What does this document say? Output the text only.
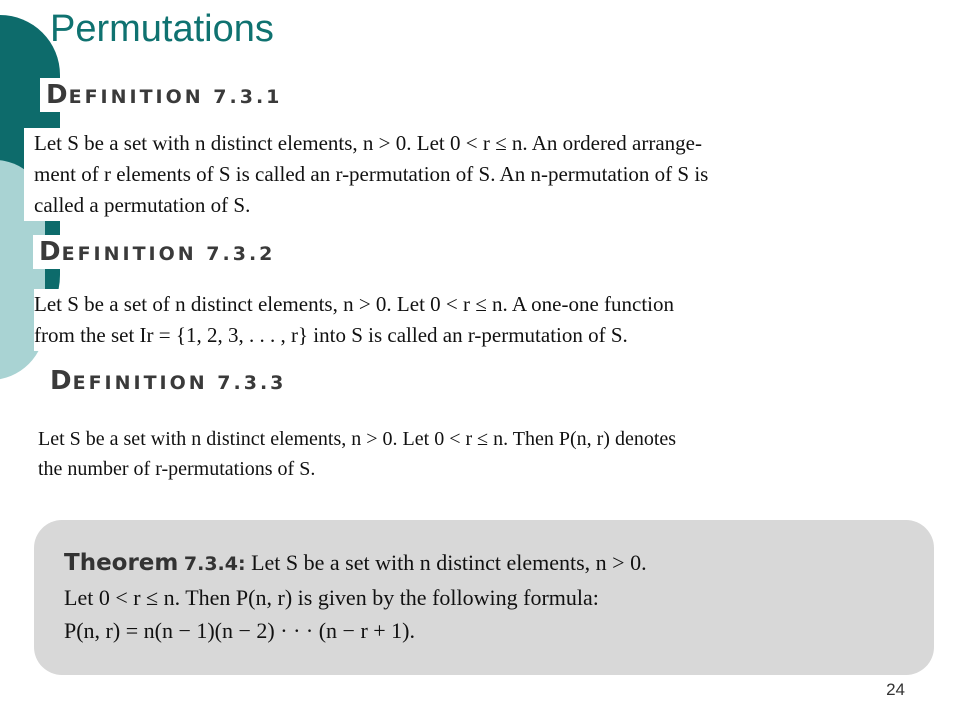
Permutations
DEFINITION 7.3.1

Let S be a set with n distinct elements, n > 0. Let 0 < r ≤ n. An ordered arrange-

ment of r elements of S is called an r-permutation of S. An n-permutation of S is

called a permutation of S.

DEFINITION 7.3.2

Let S be a set of n distinct elements, n > 0. Let 0 < r ≤ n. A one-one function

from the set Ir = {1, 2, 3, . . . , r} into S is called an r-permutation of S.

DEFINITION 7.3.3

Let S be a set with n distinct elements, n > 0. Let 0 < r ≤ n. Then P(n, r) denotes

the number of r-permutations of S.

Theorem 7.3.4: Let S be a set with n distinct elements, n > 0.

Let 0 < r ≤ n. Then P(n, r) is given by the following formula:

P(n, r) = n(n − 1)(n − 2) · · · (n − r + 1).

24
